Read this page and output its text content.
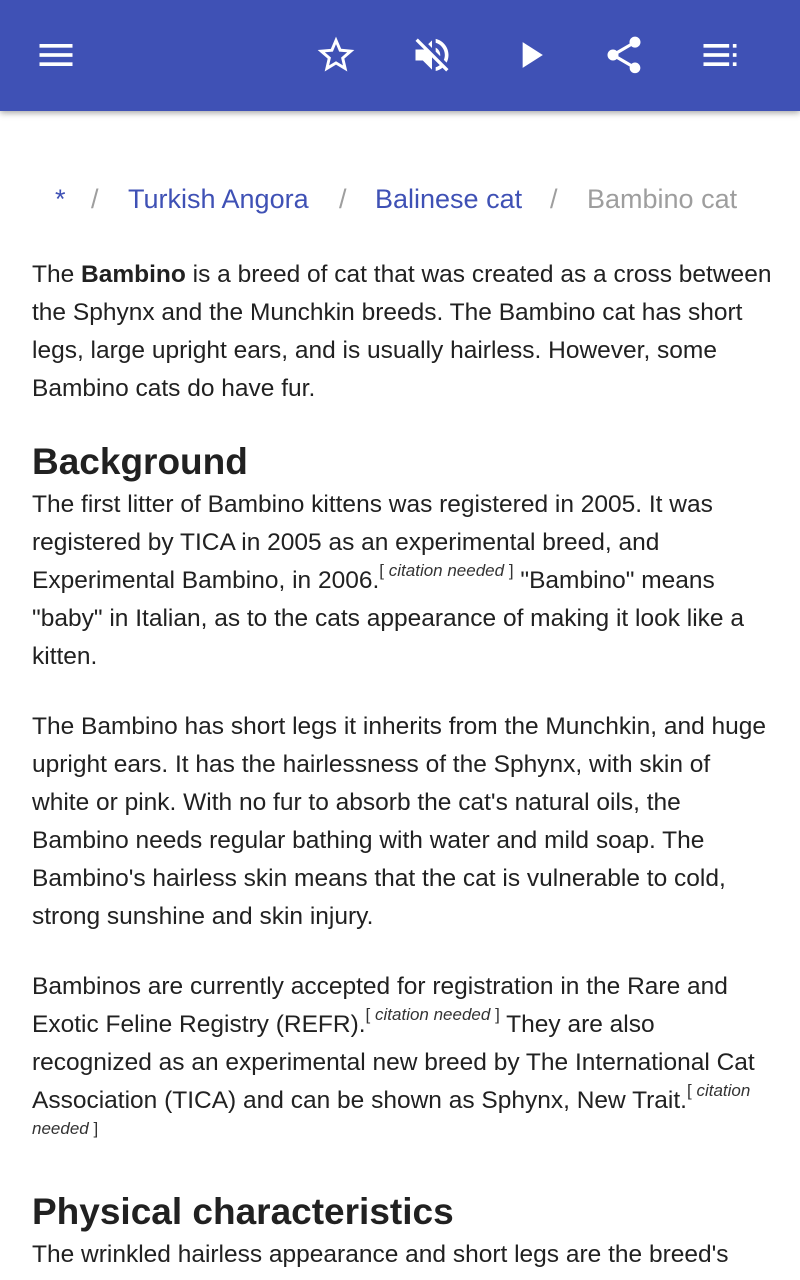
* / Turkish Angora / Balinese cat / Bambino cat

The Bambino is a breed of cat that was created as a cross between the Sphynx and the Munchkin breeds. The Bambino cat has short legs, large upright ears, and is usually hairless. However, some Bambino cats do have fur.

Background

The first litter of Bambino kittens was registered in 2005. It was registered by TICA in 2005 as an experimental breed, and Experimental Bambino, in 2006.[ citation needed ] "Bambino" means "baby" in Italian, as to the cats appearance of making it look like a kitten.

The Bambino has short legs it inherits from the Munchkin, and huge upright ears. It has the hairlessness of the Sphynx, with skin of white or pink. With no fur to absorb the cat's natural oils, the Bambino needs regular bathing with water and mild soap. The Bambino's hairless skin means that the cat is vulnerable to cold, strong sunshine and skin injury.

Bambinos are currently accepted for registration in the Rare and Exotic Feline Registry (REFR).[ citation needed ] They are also recognized as an experimental new breed by The International Cat Association (TICA) and can be shown as Sphynx, New Trait.[ citation needed ]

Physical characteristics

The wrinkled hairless appearance and short legs are the breed's
